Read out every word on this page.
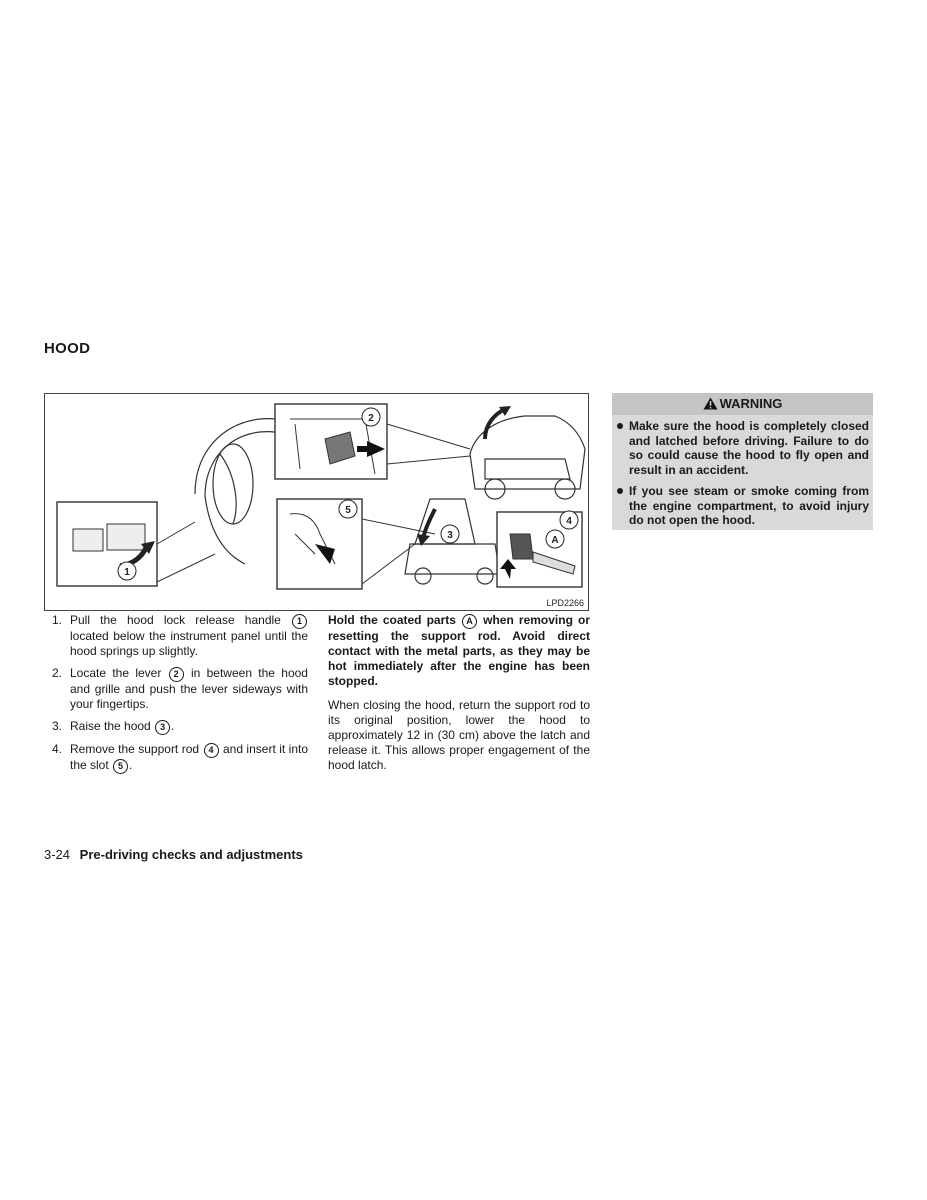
HOOD
1
2
5
3
4
A
LPD2266
1. Pull the hood lock release handle 1 located below the instrument panel until the hood springs up slightly.
2. Locate the lever 2 in between the hood and grille and push the lever sideways with your fingertips.
3. Raise the hood 3 .
4. Remove the support rod 4 and insert it into the slot 5 .

Hold the coated parts A when removing or resetting the support rod. Avoid direct contact with the metal parts, as they may be hot immediately after the engine has been stopped.

When closing the hood, return the support rod to its original position, lower the hood to approximately 12 in (30 cm) above the latch and release it. This allows proper engagement of the hood latch.

WARNING
Make sure the hood is completely closed and latched before driving. Failure to do so could cause the hood to fly open and result in an accident.
If you see steam or smoke coming from the engine compartment, to avoid injury do not open the hood.
3-24 Pre-driving checks and adjustments
